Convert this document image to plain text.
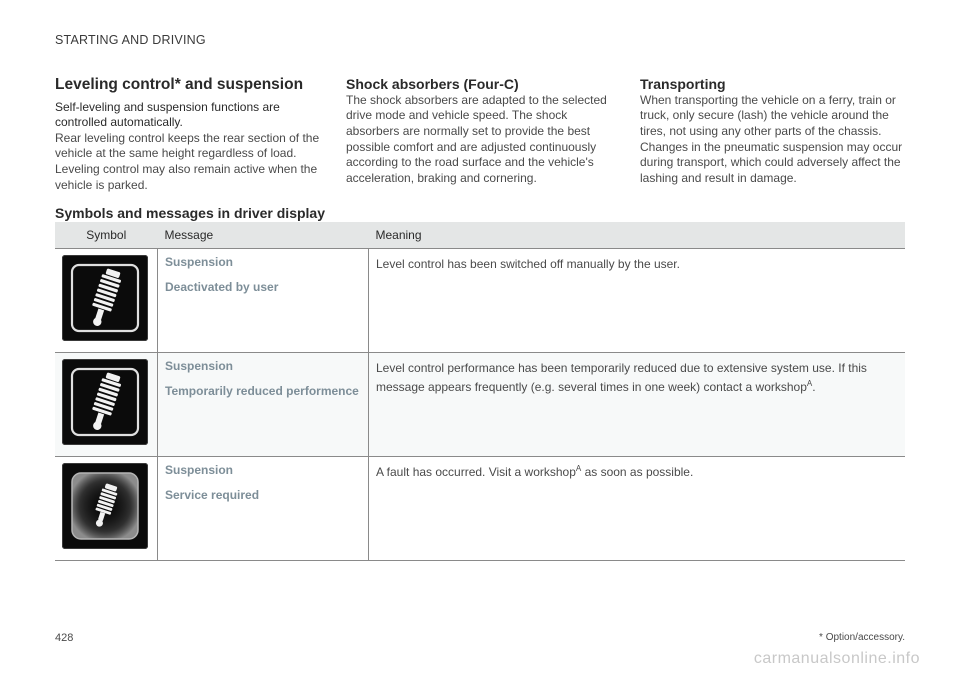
STARTING AND DRIVING
Leveling control* and suspension

Self-leveling and suspension functions are controlled automatically.

Rear leveling control keeps the rear section of the vehicle at the same height regardless of load. Leveling control may also remain active when the vehicle is parked.

Shock absorbers (Four-C)

The shock absorbers are adapted to the selected drive mode and vehicle speed. The shock absorbers are normally set to provide the best possible comfort and are adjusted continuously according to the road surface and the vehicle's acceleration, braking and cornering.

Transporting

When transporting the vehicle on a ferry, train or truck, only secure (lash) the vehicle around the tires, not using any other parts of the chassis. Changes in the pneumatic suspension may occur during transport, which could adversely affect the lashing and result in damage.

Symbols and messages in driver display
Symbol	Message	Meaning

Suspension
Deactivated by user	Level control has been switched off manually by the user.

Suspension
Temporarily reduced performence	Level control performance has been temporarily reduced due to extensive system use. If this message appears frequently (e.g. several times in one week) contact a workshop$^A$.

Suspension
Service required	A fault has occurred. Visit a workshop$^A$ as soon as possible.
428	* Option/accessory.
carmanualsonline.info
